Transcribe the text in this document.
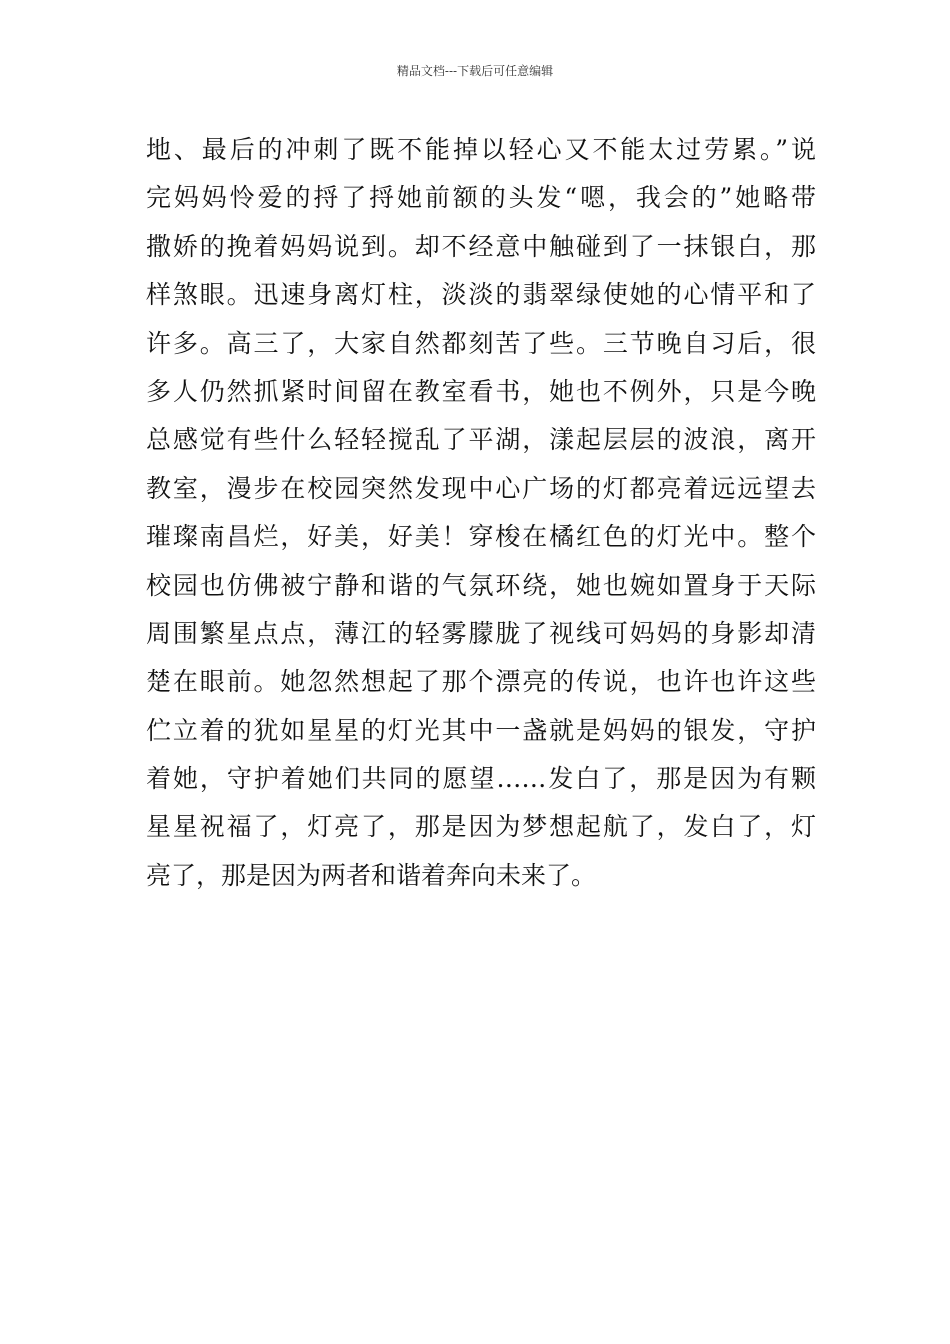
精品文档---下载后可任意编辑
地、最后的冲刺了既不能掉以轻心又不能太过劳累。”说
完妈妈怜爱的捋了捋她前额的头发“嗯，我会的”她略带
撒娇的挽着妈妈说到。却不经意中触碰到了一抹银白，那
样煞眼。迅速身离灯柱，淡淡的翡翠绿使她的心情平和了
许多。高三了，大家自然都刻苦了些。三节晚自习后，很
多人仍然抓紧时间留在教室看书，她也不例外，只是今晚
总感觉有些什么轻轻搅乱了平湖，漾起层层的波浪，离开
教室，漫步在校园突然发现中心广场的灯都亮着远远望去
璀璨南昌烂，好美，好美！穿梭在橘红色的灯光中。整个
校园也仿佛被宁静和谐的气氛环绕，她也婉如置身于天际
周围繁星点点，薄江的轻雾朦胧了视线可妈妈的身影却清
楚在眼前。她忽然想起了那个漂亮的传说，也许也许这些
伫立着的犹如星星的灯光其中一盏就是妈妈的银发，守护
着她，守护着她们共同的愿望……发白了，那是因为有颗
星星祝福了，灯亮了，那是因为梦想起航了，发白了，灯
亮了，那是因为两者和谐着奔向未来了。
